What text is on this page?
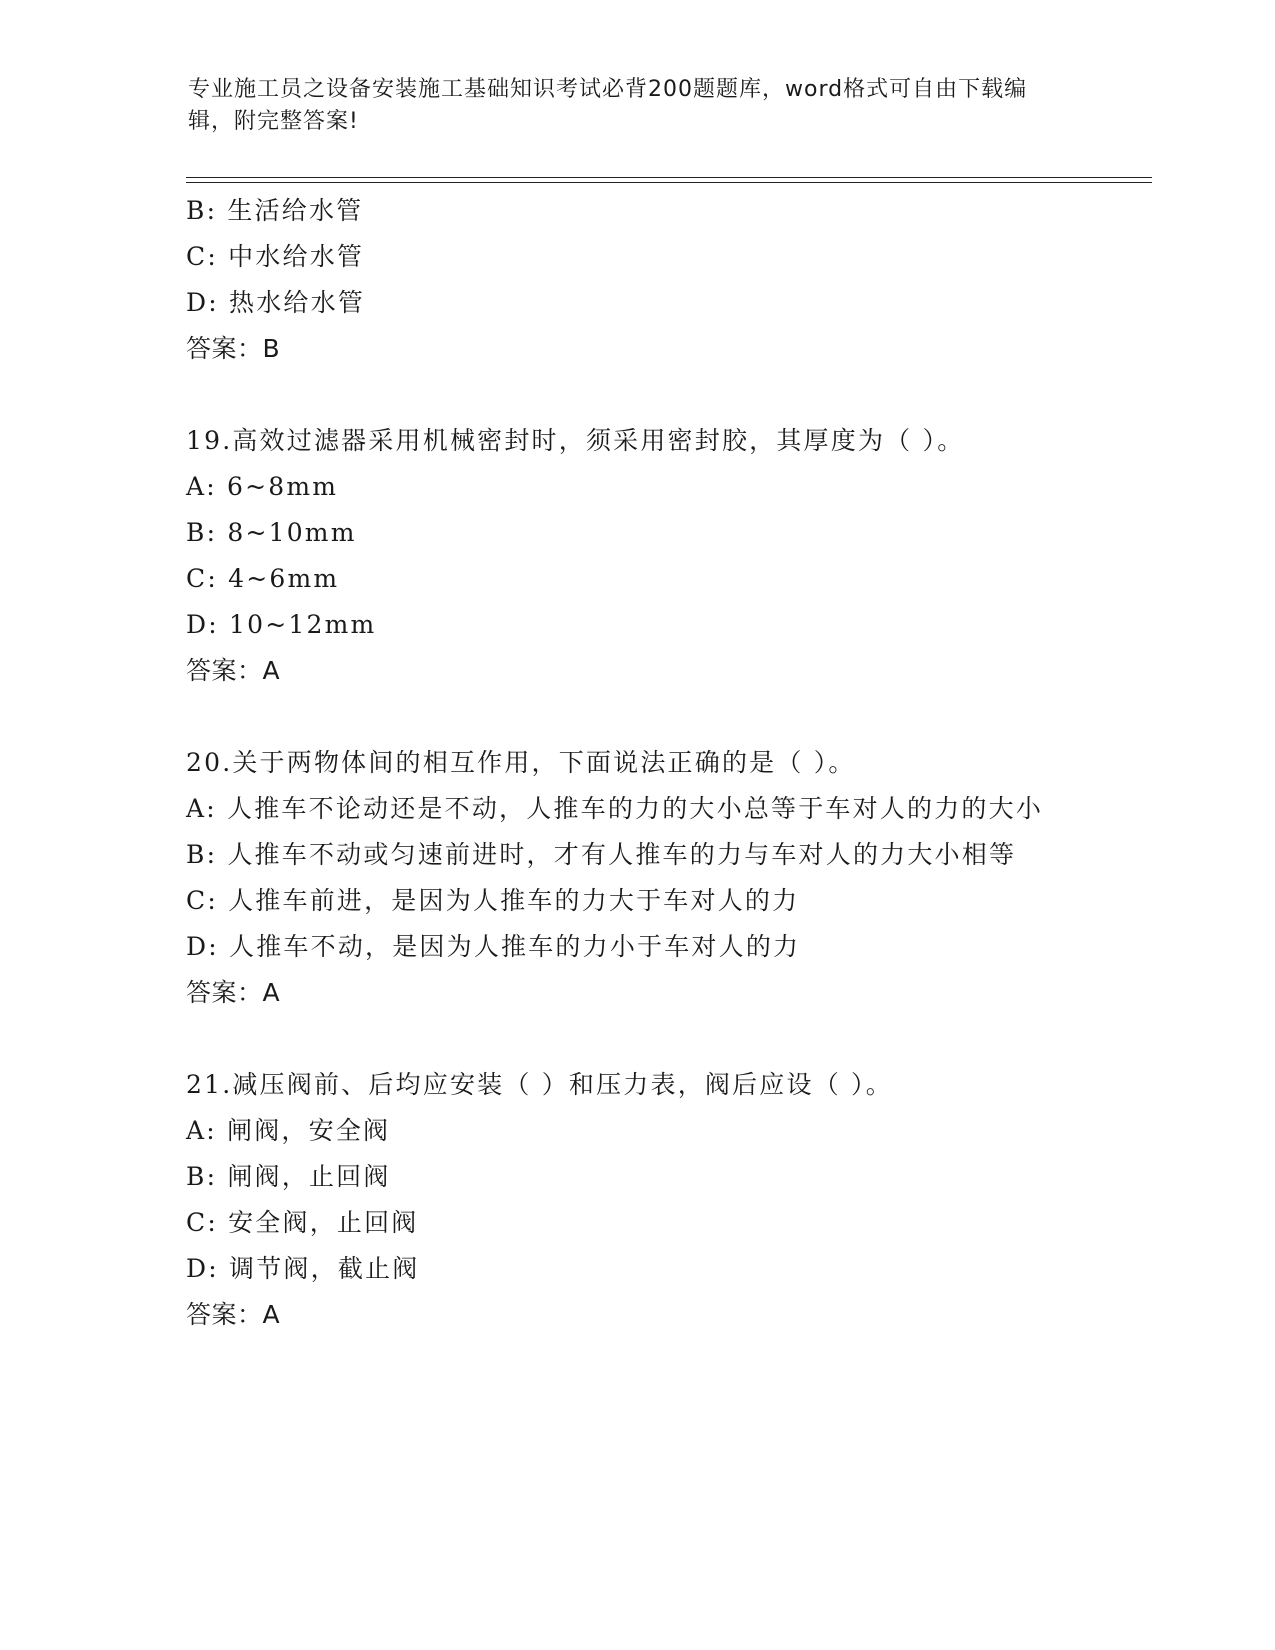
专业施工员之设备安装施工基础知识考试必背200题题库，word格式可自由下载编辑，附完整答案!
B: 生活给水管
C: 中水给水管
D: 热水给水管
答案：B
19.高效过滤器采用机械密封时，须采用密封胶，其厚度为（ ）。
A: 6~8mm
B: 8~10mm
C: 4~6mm
D: 10~12mm
答案：A
20.关于两物体间的相互作用，下面说法正确的是（ ）。
A: 人推车不论动还是不动，人推车的力的大小总等于车对人的力的大小
B: 人推车不动或匀速前进时，才有人推车的力与车对人的力大小相等
C: 人推车前进，是因为人推车的力大于车对人的力
D: 人推车不动，是因为人推车的力小于车对人的力
答案：A
21.减压阀前、后均应安装（ ）和压力表，阀后应设（ ）。
A: 闸阀，安全阀
B: 闸阀，止回阀
C: 安全阀，止回阀
D: 调节阀，截止阀
答案：A
